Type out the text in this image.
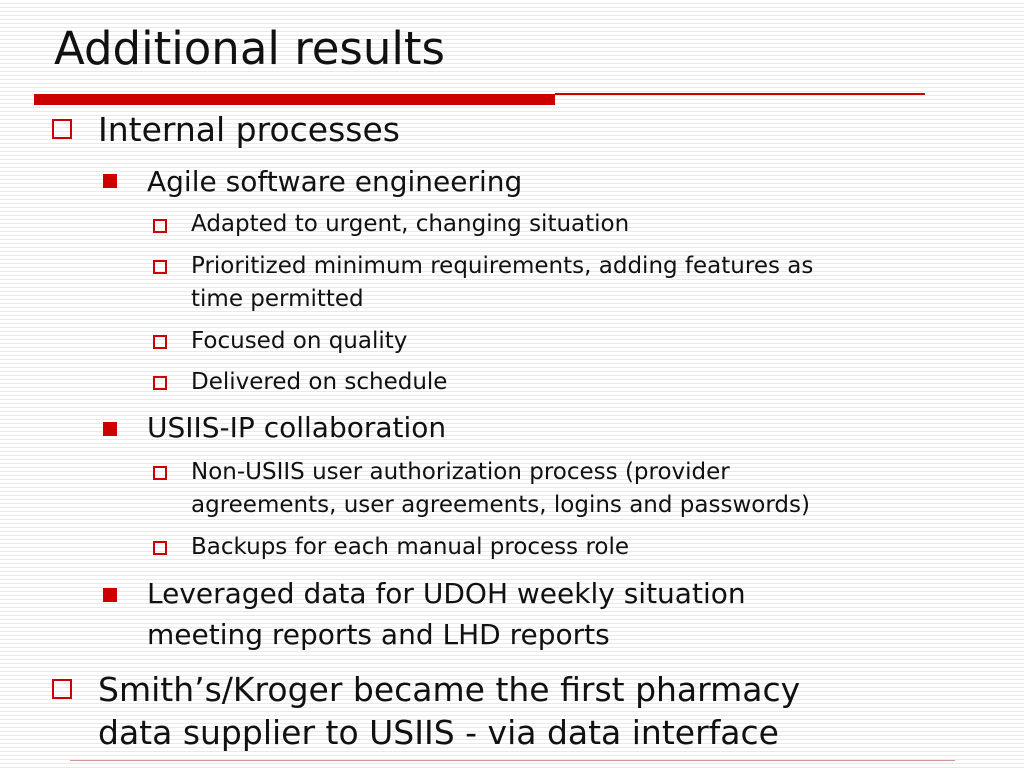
Additional results
Internal processes
Agile software engineering
Adapted to urgent, changing situation
Prioritized minimum requirements, adding features as
time permitted
Focused on quality
Delivered on schedule
USIIS-IP collaboration
Non-USIIS user authorization process (provider
agreements, user agreements, logins and passwords)
Backups for each manual process role
Leveraged data for UDOH weekly situation
meeting reports and LHD reports
Smith’s/Kroger became the first pharmacy
data supplier to USIIS - via data interface
